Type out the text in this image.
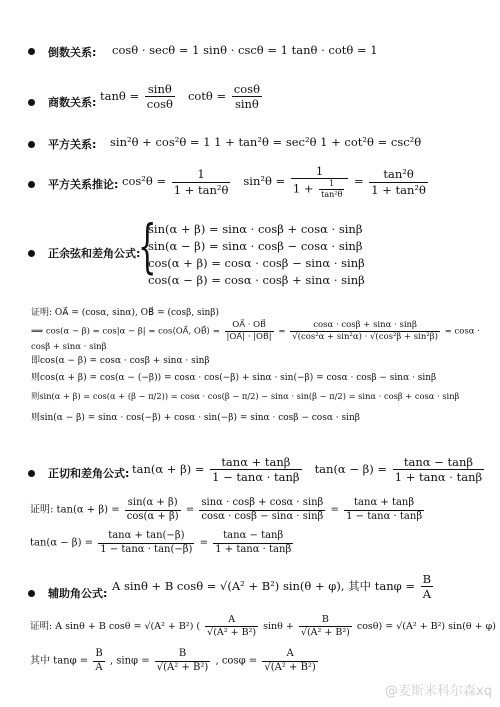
倒数关系: cosθ · secθ = 1 sinθ · cscθ = 1 tanθ · cotθ = 1
商数关系: $\tan\theta = \frac{\sin\theta}{\cos\theta}$ $\cot\theta = \frac{\cos\theta}{\sin\theta}$
平方关系: sin²θ + cos²θ = 1 1 + tan²θ = sec²θ 1 + cot²θ = csc²θ
平方关系推论: $\cos^2\theta = \frac{1}{\text{1 + tan²θ}} \sin^2\theta = \frac{1}{1 + \frac{1}{\text{tan²θ}}} = \frac{\text{tan²θ}}{\text{1 + tan²θ}}$
正余弦和差角公式:
{
sin(α + β) = sinα · cosβ + cosα · sinβ
sin(α − β) = sinα · cosβ − cosα · sinβ
cos(α + β) = cosα · cosβ − sinα · sinβ
cos(α − β) = cosα · cosβ + sinα · sinβ
证明: OA⃗ = (cosα, sinα), OB⃗ = (cosβ, sinβ)
⟹ cos(α − β) = cos|α − β| = cos⟨OA⃗, OB⃗⟩ = $\frac{OA⃗ \cdot OB⃗}{|OA⃗| \cdot |OB⃗|} = \frac{\cos\alpha \cdot \cos\beta + \sin\alpha \cdot \sin\beta}{\text{√(cos²α + sin²α) · √(cos²β + sin²β)}} = \cos\alpha \cdot \cos\beta + \sin\alpha \cdot \sin\beta$
即cos(α − β) = cosα · cosβ + sinα · sinβ
则cos(α + β) = cos(α − (−β)) = cosα · cos(−β) + sinα · sin(−β) = cosα · cosβ − sinα · sinβ
则sin(α + β) = cos(α + (β − π/2)) = cosα · cos(β − π/2) − sinα · sin(β − π/2) = sinα · cosβ + cosα · sinβ
则sin(α − β) = sinα · cos(−β) + cosα · sin(−β) = sinα · cosβ − cosα · sinβ
正切和差角公式: $\tan(\alpha + \beta) = \frac{\tan\alpha + \tan\beta}{1 - \tan\alpha \cdot \tan\beta} \tan(\alpha - \beta) = \frac{\tan\alpha - \tan\beta}{1 + \tan\alpha \cdot \tan\beta}$
证明: $\tan(\alpha + \beta) = \frac{\sin(\alpha + \beta)}{\cos(\alpha + \beta)} = \frac{\sin\alpha \cdot \cos\beta + \cos\alpha \cdot \sin\beta}{\cos\alpha \cdot \cos\beta - \sin\alpha \cdot \sin\beta} = \frac{\tan\alpha + \tan\beta}{1 - \tan\alpha \cdot \tan\beta}$
$\tan(\alpha - \beta) = \frac{\tan\alpha + \tan(-\beta)}{1 - \tan\alpha \cdot \tan(-\beta)} = \frac{\tan\alpha - \tan\beta}{1 + \tan\alpha \cdot \tan\beta}$
辅助角公式:
A sinθ + B cosθ = √(A² + B²) sin(θ + φ), 其中 $\tan\varphi = \frac{B}{A}$
证明: A sinθ + B cosθ = √(A² + B²) ( $\frac{A}{\text{√(A² + B²)}}$ $\sin\theta + \frac{B}{\text{√(A² + B²)}} \cos\theta) = √(A^2 + B^2)$ sin(θ + φ)
其中 $\tan\varphi = \frac{B}{A}$ , $\sin\varphi = \frac{B}{\text{√(A² + B²)}}$ , $\cos\varphi = \frac{A}{\text{√(A² + B²)}}$
@麦斯米科尔森xq
